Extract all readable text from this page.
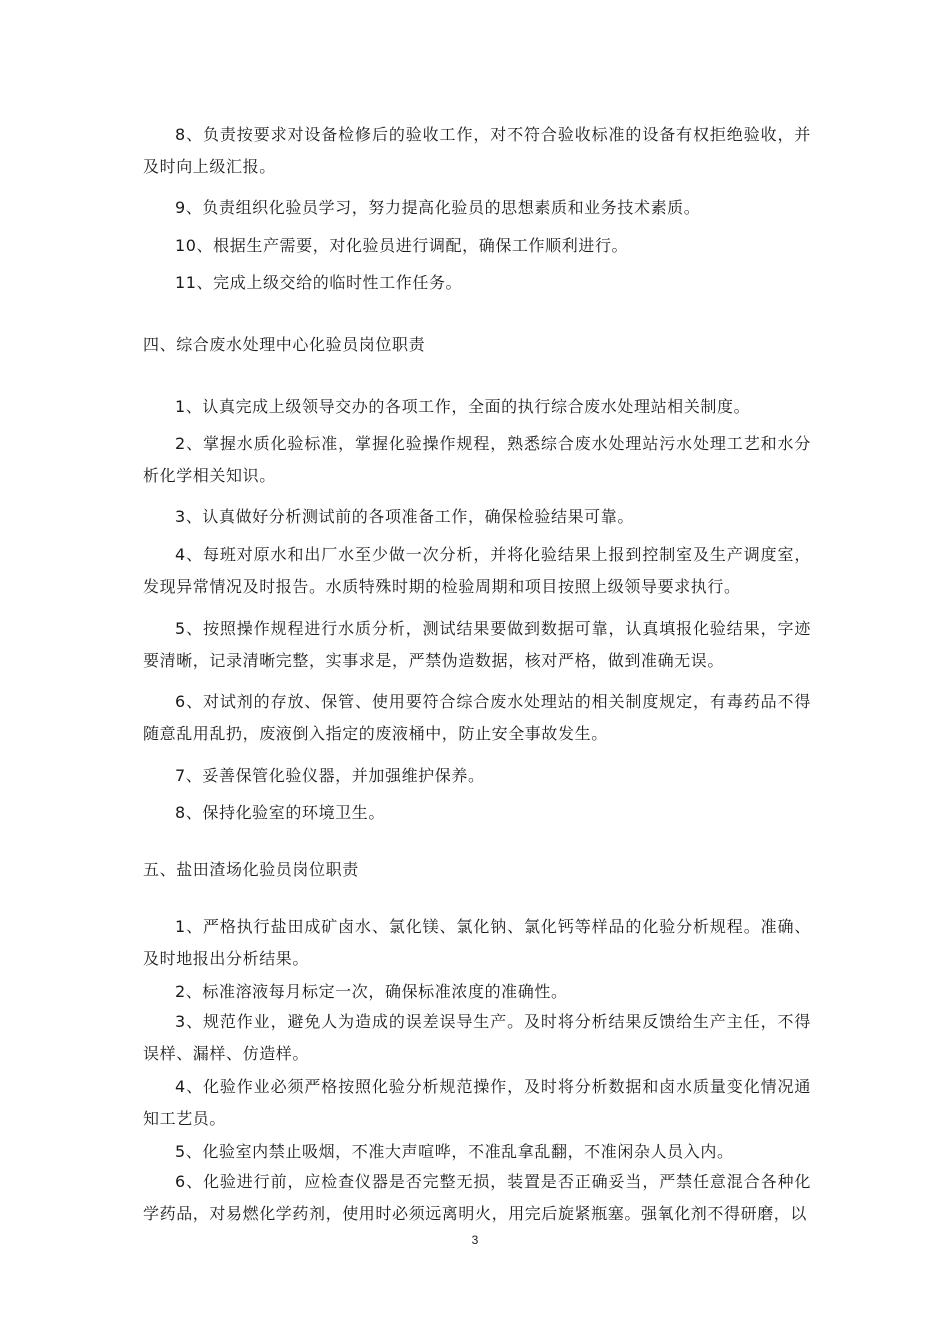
8、负责按要求对设备检修后的验收工作，对不符合验收标准的设备有权拒绝验收，并及时向上级汇报。

9、负责组织化验员学习，努力提高化验员的思想素质和业务技术素质。

10、根据生产需要，对化验员进行调配，确保工作顺利进行。

11、完成上级交给的临时性工作任务。

四、综合废水处理中心化验员岗位职责

1、认真完成上级领导交办的各项工作，全面的执行综合废水处理站相关制度。

2、掌握水质化验标准，掌握化验操作规程，熟悉综合废水处理站污水处理工艺和水分析化学相关知识。

3、认真做好分析测试前的各项准备工作，确保检验结果可靠。

4、每班对原水和出厂水至少做一次分析，并将化验结果上报到控制室及生产调度室，发现异常情况及时报告。水质特殊时期的检验周期和项目按照上级领导要求执行。

5、按照操作规程进行水质分析，测试结果要做到数据可靠，认真填报化验结果，字迹要清晰，记录清晰完整，实事求是，严禁伪造数据，核对严格，做到准确无误。

6、对试剂的存放、保管、使用要符合综合废水处理站的相关制度规定，有毒药品不得随意乱用乱扔，废液倒入指定的废液桶中，防止安全事故发生。

7、妥善保管化验仪器，并加强维护保养。

8、保持化验室的环境卫生。

五、盐田渣场化验员岗位职责

1、严格执行盐田成矿卤水、氯化镁、氯化钠、氯化钙等样品的化验分析规程。准确、及时地报出分析结果。

2、标准溶液每月标定一次，确保标准浓度的准确性。

3、规范作业，避免人为造成的误差误导生产。及时将分析结果反馈给生产主任，不得误样、漏样、仿造样。

4、化验作业必须严格按照化验分析规范操作，及时将分析数据和卤水质量变化情况通知工艺员。

5、化验室内禁止吸烟，不准大声喧哗，不准乱拿乱翻，不准闲杂人员入内。

6、化验进行前，应检查仪器是否完整无损，装置是否正确妥当，严禁任意混合各种化学药品，对易燃化学药剂，使用时必须远离明火，用完后旋紧瓶塞。强氧化剂不得研磨，以

3
